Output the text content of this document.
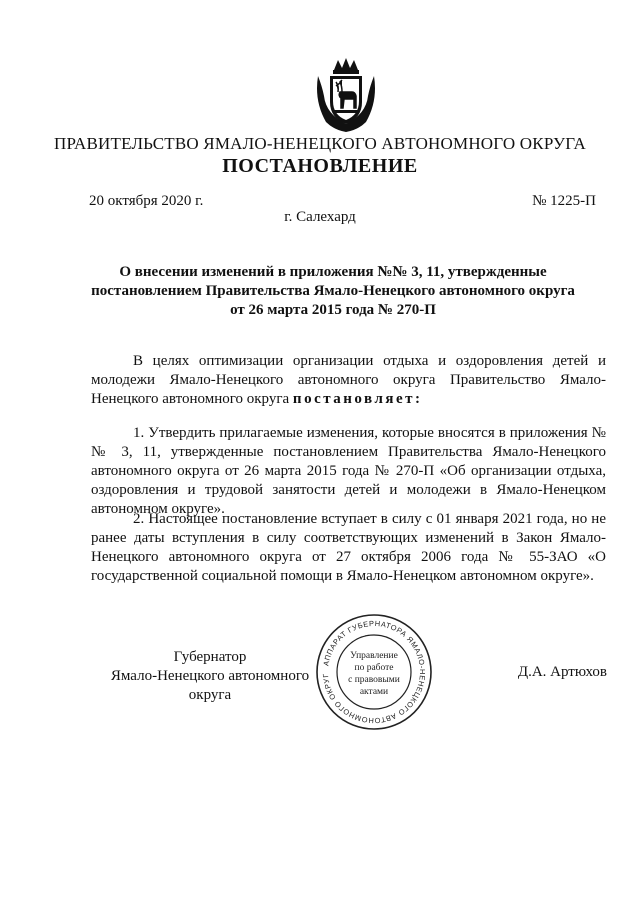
ПРАВИТЕЛЬСТВО ЯМАЛО-НЕНЕЦКОГО АВТОНОМНОГО ОКРУГА
ПОСТАНОВЛЕНИЕ
20 октября 2020 г.	№ 1225-П
г. Салехард
О внесении изменений в приложения №№ 3, 11, утвержденные
постановлением Правительства Ямало-Ненецкого автономного округа
от 26 марта 2015 года № 270-П
В целях оптимизации организации отдыха и оздоровления детей и молодежи Ямало-Ненецкого автономного округа Правительство Ямало-Ненецкого автономного округа постановляет:
1. Утвердить прилагаемые изменения, которые вносятся в приложения №№ 3, 11, утвержденные постановлением Правительства Ямало-Ненецкого автономного округа от 26 марта 2015 года № 270-П «Об организации отдыха, оздоровления и трудовой занятости детей и молодежи в Ямало-Ненецком автономном округе».
2. Настоящее постановление вступает в силу с 01 января 2021 года, но не ранее даты вступления в силу соответствующих изменений в Закон Ямало-Ненецкого автономного округа от 27 октября 2006 года № 55-ЗАО «О государственной социальной помощи в Ямало-Ненецком автономном округе».
Губернатор
Ямало-Ненецкого автономного округа
Д.А. Артюхов
АППАРАТ ГУБЕРНАТОРА ЯМАЛО-НЕНЕЦКОГО АВТОНОМНОГО ОКРУГ
Управление
по работе
с правовыми
актами
